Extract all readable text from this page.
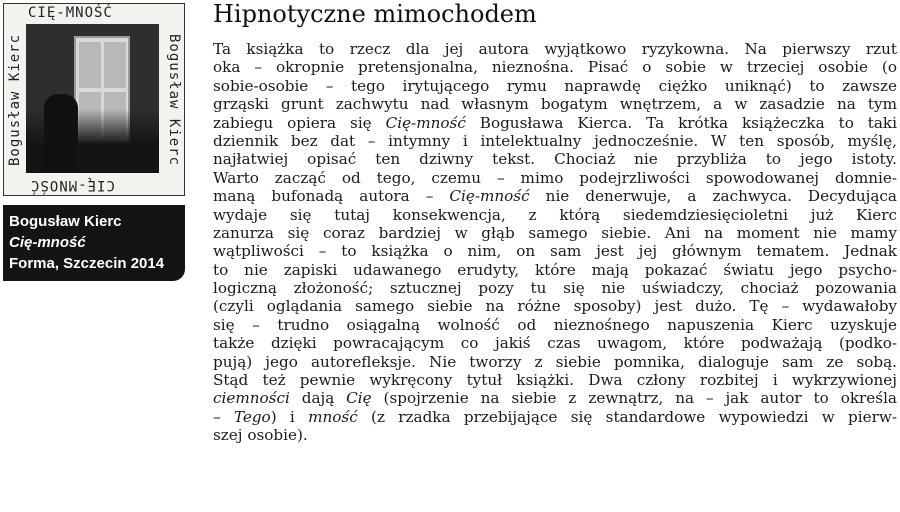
CIĘ-MNOŚĆ
CIĘ-MNOŚĆ
Bogusław Kierc	Bogusław Kierc
Bogusław Kierc
Cię-mność
Forma, Szczecin 2014
Hipnotyczne mimochodem
Ta książka to rzecz dla jej autora wyjątkowo ryzykowna. Na pierwszy rzut
oka – okropnie pretensjonalna, nieznośna. Pisać o sobie w trzeciej osobie (o
sobie-osobie – tego irytującego rymu naprawdę ciężko uniknąć) to zawsze
grząski grunt zachwytu nad własnym bogatym wnętrzem, a w zasadzie na tym
zabiegu opiera się Cię-mność Bogusława Kierca. Ta krótka książeczka to taki
dziennik bez dat – intymny i intelektualny jednocześnie. W ten sposób, myślę,
najłatwiej opisać ten dziwny tekst. Chociaż nie przybliża to jego istoty.
Warto zacząć od tego, czemu – mimo podejrzliwości spowodowanej domnie-
maną bufonadą autora – Cię-mność nie denerwuje, a zachwyca. Decydująca
wydaje się tutaj konsekwencja, z którą siedemdziesięcioletni już Kierc
zanurza się coraz bardziej w głąb samego siebie. Ani na moment nie mamy
wątpliwości – to książka o nim, on sam jest jej głównym tematem. Jednak
to nie zapiski udawanego erudyty, które mają pokazać światu jego psycho-
logiczną złożoność; sztucznej pozy tu się nie uświadczy, chociaż pozowania
(czyli oglądania samego siebie na różne sposoby) jest dużo. Tę – wydawałoby
się – trudno osiągalną wolność od nieznośnego napuszenia Kierc uzyskuje
także dzięki powracającym co jakiś czas uwagom, które podważają (podko-
pują) jego autorefleksje. Nie tworzy z siebie pomnika, dialoguje sam ze sobą.
Stąd też pewnie wykręcony tytuł książki. Dwa człony rozbitej i wykrzywionej
ciemności dają Cię (spojrzenie na siebie z zewnątrz, na – jak autor to określa
– Tego) i mność (z rzadka przebijające się standardowe wypowiedzi w pierw-
szej osobie).
